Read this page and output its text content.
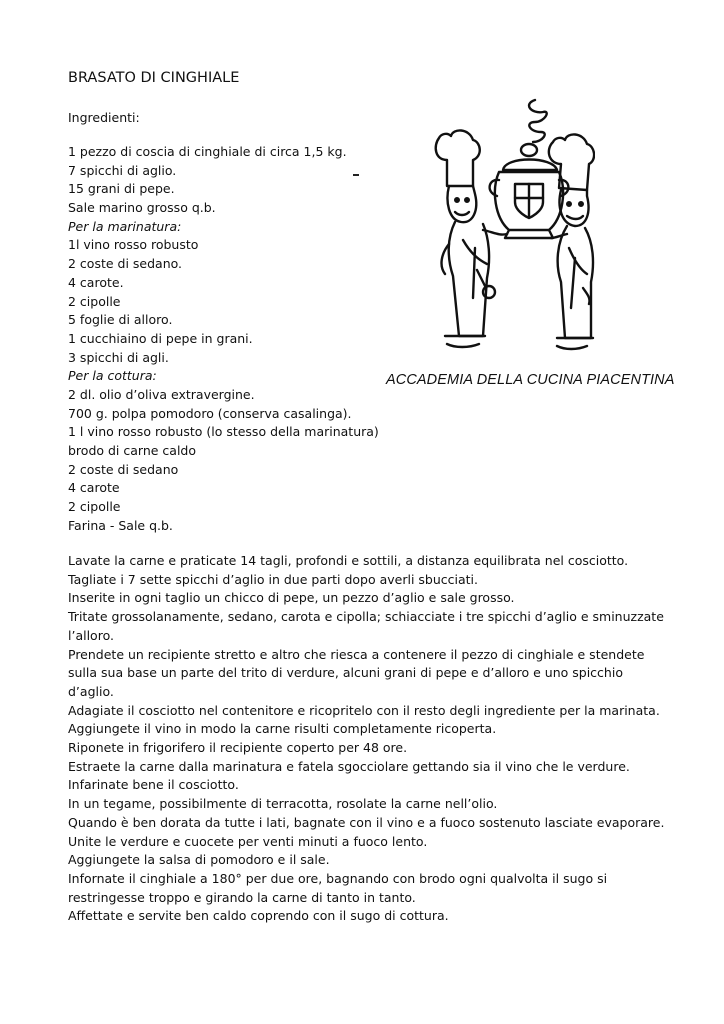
BRASATO DI CINGHIALE
Ingredienti:
1 pezzo di coscia di cinghiale di circa 1,5 kg.
7 spicchi di aglio.
15 grani di pepe.
Sale marino grosso q.b.
Per la marinatura:
1l vino rosso robusto
2 coste di sedano.
4 carote.
2 cipolle
5 foglie di alloro.
1 cucchiaino di pepe in grani.
3 spicchi di agli.
Per la cottura:
2 dl. olio d’oliva extravergine.
700 g. polpa pomodoro (conserva casalinga).
1 l vino rosso robusto (lo stesso della marinatura)
brodo di carne caldo
2 coste di sedano
4 carote
2 cipolle
Farina - Sale q.b.
ACCADEMIA DELLA CUCINA PIACENTINA
Lavate la carne e praticate 14 tagli, profondi e sottili, a distanza equilibrata nel cosciotto.
Tagliate i 7 sette spicchi d’aglio in due parti dopo averli sbucciati.
Inserite in ogni taglio un chicco di pepe, un pezzo d’aglio e sale grosso.
Tritate grossolanamente, sedano, carota e cipolla; schiacciate i tre spicchi d’aglio e sminuzzate l’alloro.
Prendete un recipiente stretto e altro che riesca a contenere il pezzo di cinghiale e stendete sulla sua base un parte del trito di verdure, alcuni grani di pepe e d’alloro e uno spicchio d’aglio.
Adagiate il cosciotto nel contenitore e ricopritelo con il resto degli ingrediente per la marinata.
Aggiungete il vino in modo la carne risulti completamente ricoperta.
Riponete in frigorifero il recipiente coperto per 48 ore.
Estraete la carne dalla marinatura e fatela sgocciolare gettando sia il vino che le verdure.
Infarinate bene il cosciotto.
In un tegame, possibilmente di terracotta, rosolate la carne nell’olio.
Quando è ben dorata da tutte i lati, bagnate con il vino e a fuoco sostenuto lasciate evaporare.
Unite le verdure e cuocete per venti minuti a fuoco lento.
Aggiungete la salsa di pomodoro e il sale.
Infornate il cinghiale a 180° per due ore, bagnando con brodo ogni qualvolta il sugo si restringesse troppo e girando la carne di tanto in tanto.
Affettate e servite ben caldo coprendo con il sugo di cottura.
